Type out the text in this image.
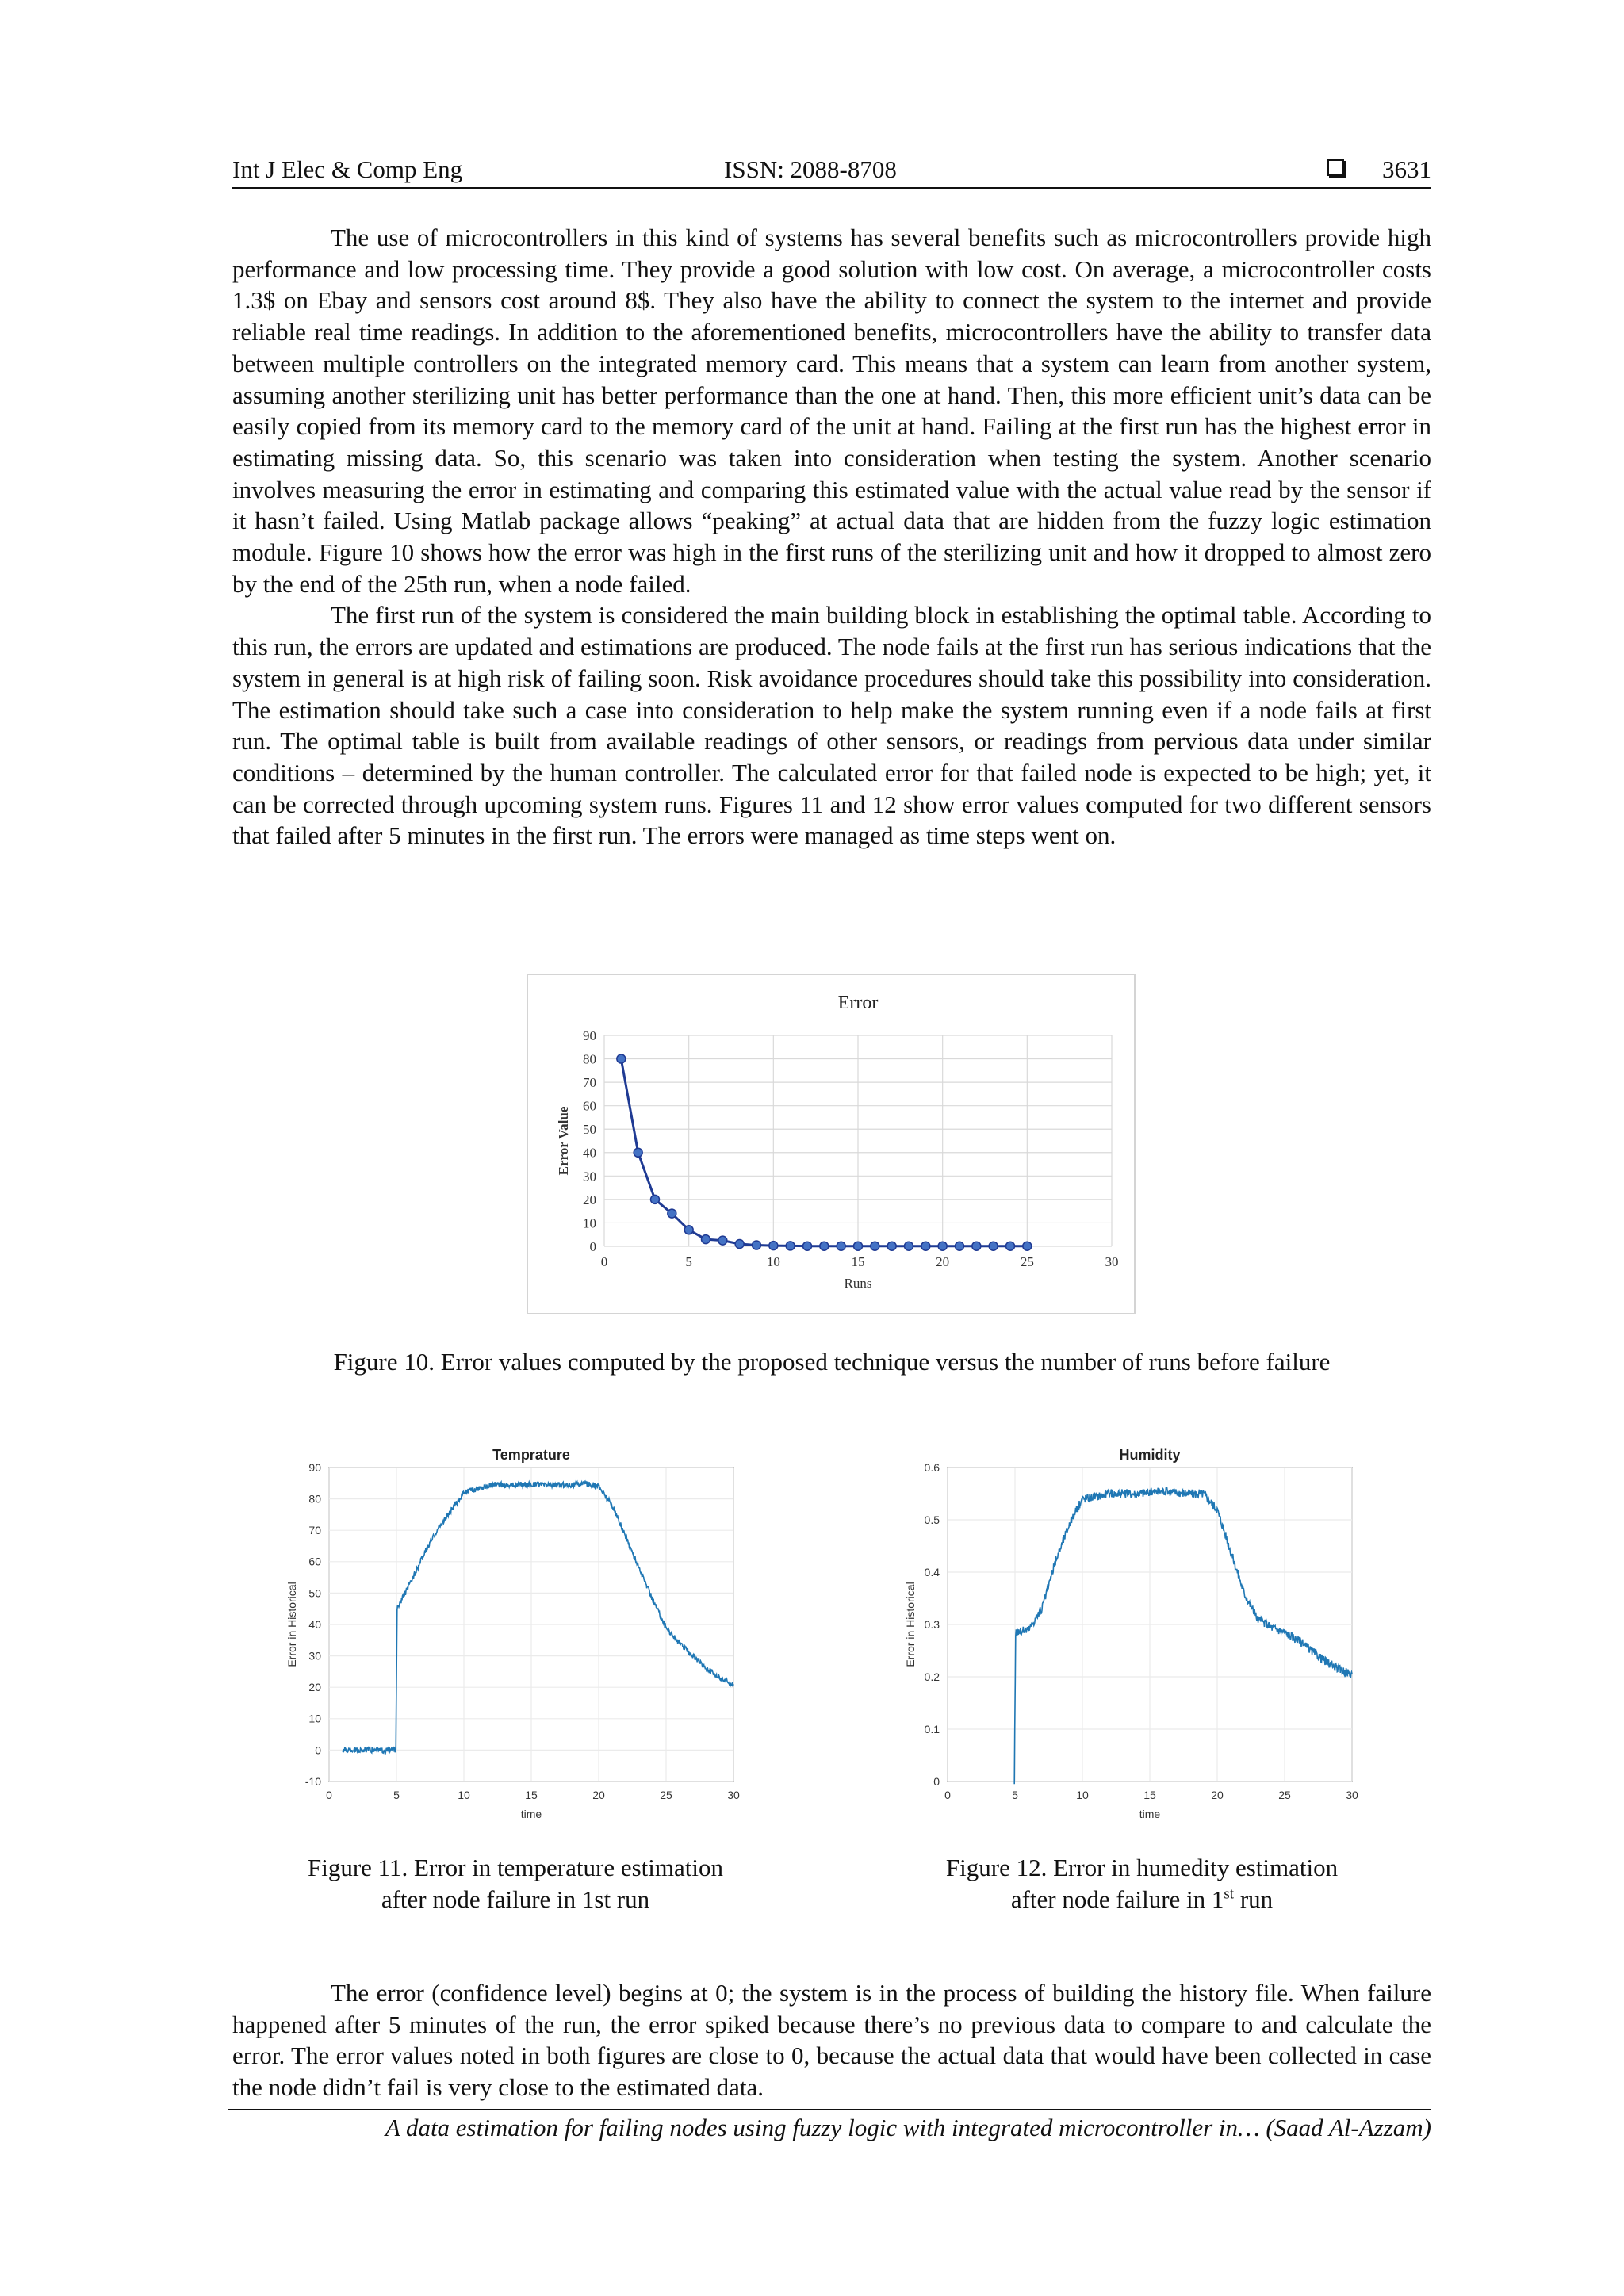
Int J Elec & Comp Eng	ISSN: 2088-8708	3631

The use of microcontrollers in this kind of systems has several benefits such as microcontrollers provide high performance and low processing time. They provide a good solution with low cost. On average, a microcontroller costs 1.3$ on Ebay and sensors cost around 8$. They also have the ability to connect the system to the internet and provide reliable real time readings. In addition to the aforementioned benefits, microcontrollers have the ability to transfer data between multiple controllers on the integrated memory card. This means that a system can learn from another system, assuming another sterilizing unit has better performance than the one at hand. Then, this more efficient unit’s data can be easily copied from its memory card to the memory card of the unit at hand. Failing at the first run has the highest error in estimating missing data. So, this scenario was taken into consideration when testing the system. Another scenario involves measuring the error in estimating and comparing this estimated value with the actual value read by the sensor if it hasn’t failed. Using Matlab package allows “peaking” at actual data that are hidden from the fuzzy logic estimation module. Figure 10 shows how the error was high in the first runs of the sterilizing unit and how it dropped to almost zero by the end of the 25th run, when a node failed.

The first run of the system is considered the main building block in establishing the optimal table. According to this run, the errors are updated and estimations are produced. The node fails at the first run has serious indications that the system in general is at high risk of failing soon. Risk avoidance procedures should take this possibility into consideration. The estimation should take such a case into consideration to help make the system running even if a node fails at first run. The optimal table is built from available readings of other sensors, or readings from pervious data under similar conditions – determined by the human controller. The calculated error for that failed node is expected to be high; yet, it can be corrected through upcoming system runs. Figures 11 and 12 show error values computed for two different sensors that failed after 5 minutes in the first run. The errors were managed as time steps went on.

0
10
20
30
40
50
60
70
80
90
0	5	10	15	20	25	30
Error
Runs
Error Value
Figure 10. Error values computed by the proposed technique versus the number of runs before failure
-10
0
10
20
30
40
50
60
70
80
90
0	5	10	15	20	25	30
Temprature
time
Error in Historical
Figure 11. Error in temperature estimation
after node failure in 1st run
0
0.1
0.2
0.3
0.4
0.5
0.6
0	5	10	15	20	25	30
Humidity
time
Error in Historical
Figure 12. Error in humedity estimation
after node failure in 1st run

The error (confidence level) begins at 0; the system is in the process of building the history file. When failure happened after 5 minutes of the run, the error spiked because there’s no previous data to compare to and calculate the error. The error values noted in both figures are close to 0, because the actual data that would have been collected in case the node didn’t fail is very close to the estimated data.

A data estimation for failing nodes using fuzzy logic with integrated microcontroller in… (Saad Al-Azzam)
